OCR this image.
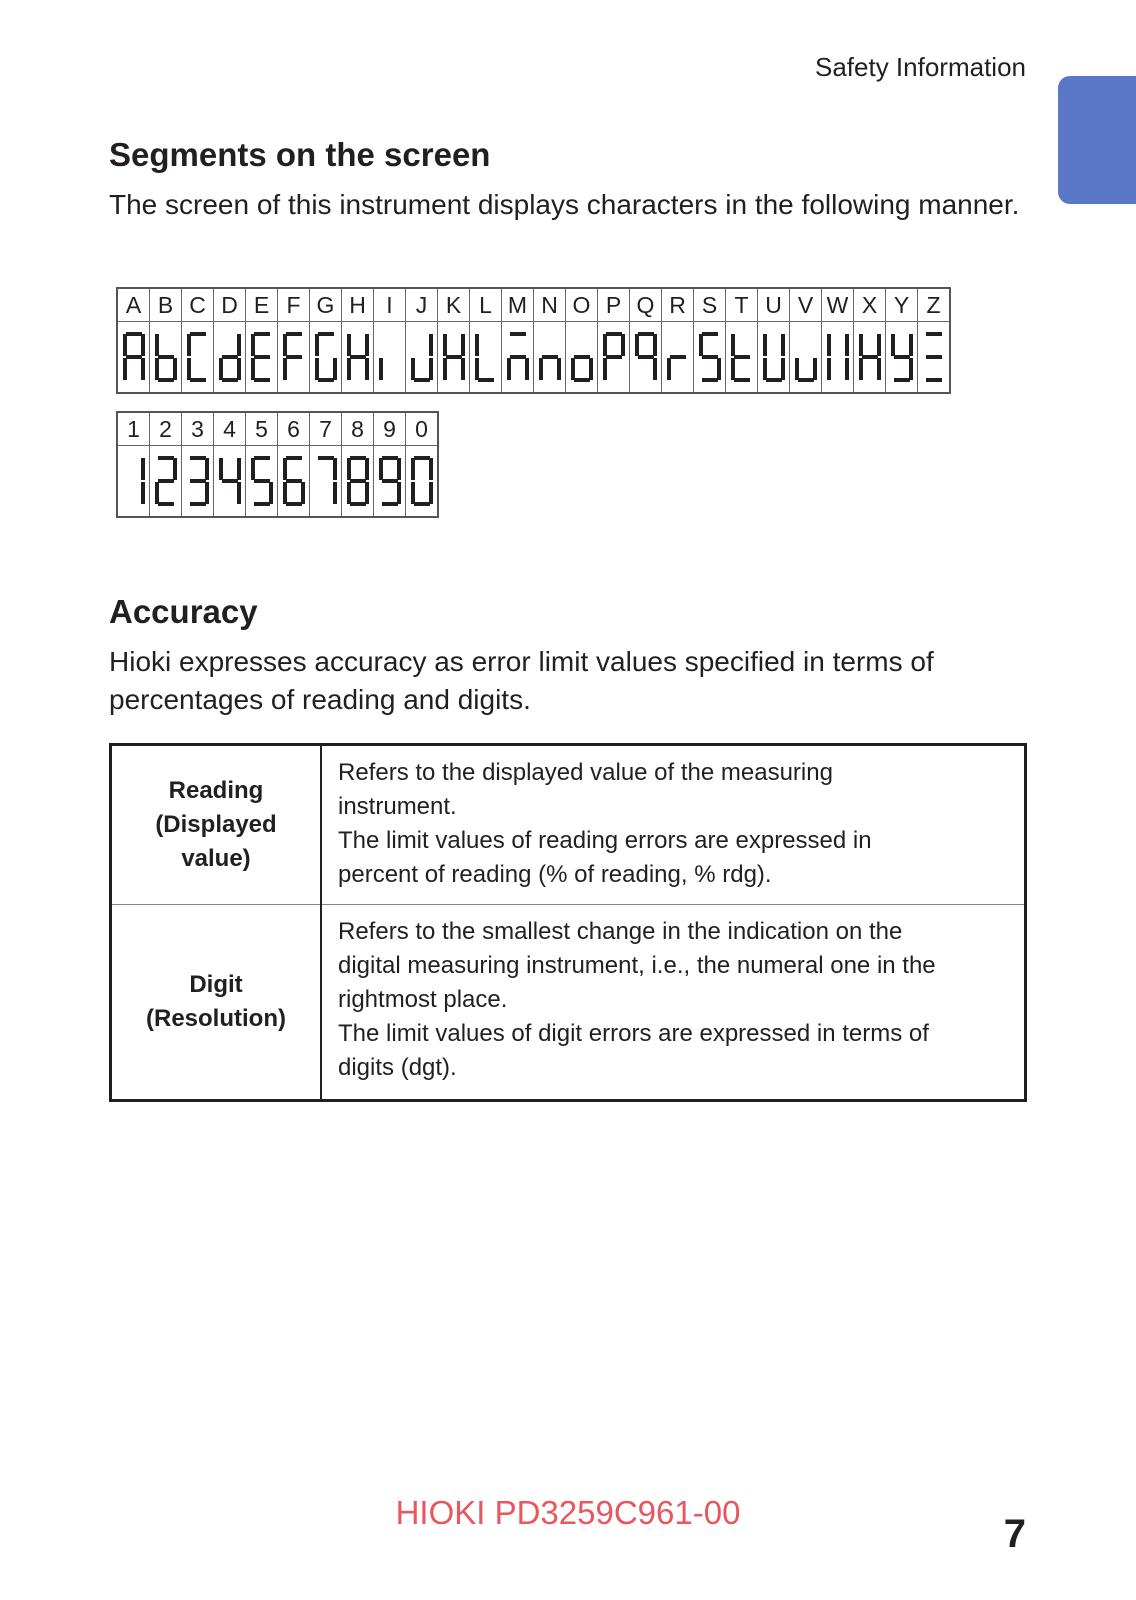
Safety Information
Segments on the screen

The screen of this instrument displays characters in the following manner.

A	B	C	D	E	F	G	H	I	J	K	L	M	N	O	P	Q	R	S	T	U	V	W	X	Y	Z

1	2	3	4	5	6	7	8	9	0

Accuracy

Hioki expresses accuracy as error limit values specified in terms of percentages of reading and digits.

Reading
(Displayed
value)	Refers to the displayed value of the measuring
instrument.
The limit values of reading errors are expressed in
percent of reading (% of reading, % rdg).

Digit
(Resolution)	Refers to the smallest change in the indication on the
digital measuring instrument, i.e., the numeral one in the
rightmost place.
The limit values of digit errors are expressed in terms of
digits (dgt).
HIOKI PD3259C961-00	7
